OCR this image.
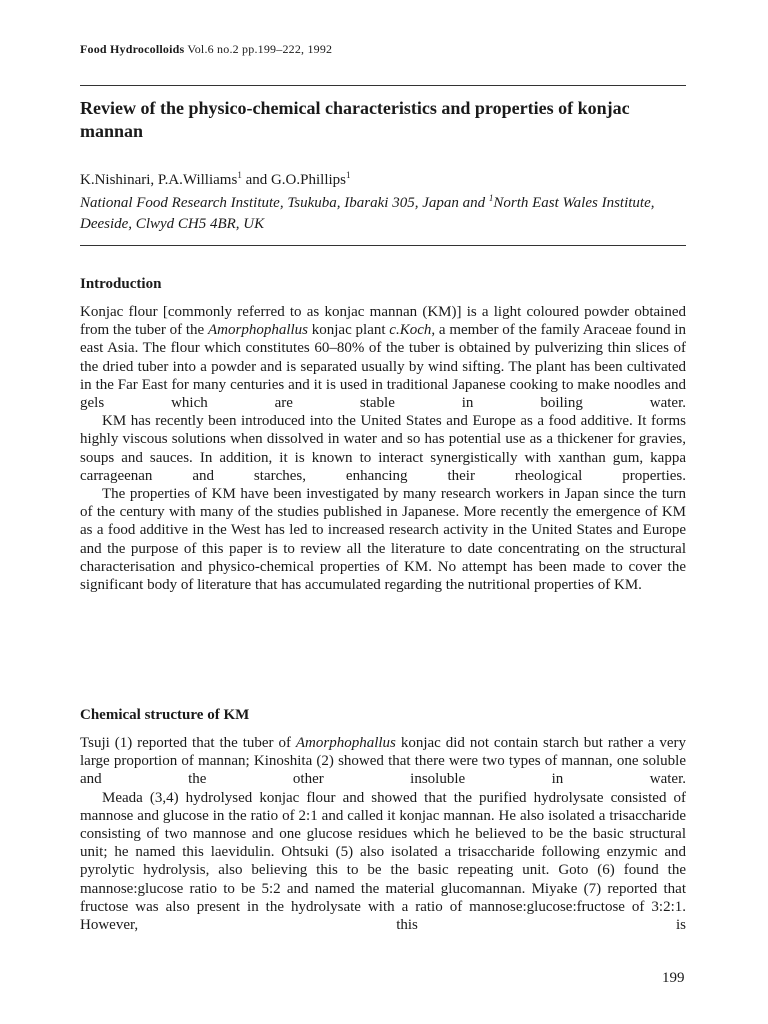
Food Hydrocolloids Vol.6 no.2 pp.199–222, 1992
Review of the physico-chemical characteristics and properties of konjac mannan
K.Nishinari, P.A.Williams$^1$ and G.O.Phillips$^1$
National Food Research Institute, Tsukuba, Ibaraki 305, Japan and $^1$North East Wales Institute, Deeside, Clwyd CH5 4BR, UK
Introduction

Konjac flour [commonly referred to as konjac mannan (KM)] is a light coloured powder obtained from the tuber of the Amorphophallus konjac plant c.Koch, a member of the family Araceae found in east Asia. The flour which constitutes 60–80% of the tuber is obtained by pulverizing thin slices of the dried tuber into a powder and is separated usually by wind sifting. The plant has been cultivated in the Far East for many centuries and it is used in traditional Japanese cooking to make noodles and gels which are stable in boiling water.

KM has recently been introduced into the United States and Europe as a food additive. It forms highly viscous solutions when dissolved in water and so has potential use as a thickener for gravies, soups and sauces. In addition, it is known to interact synergistically with xanthan gum, kappa carrageenan and starches, enhancing their rheological properties.

The properties of KM have been investigated by many research workers in Japan since the turn of the century with many of the studies published in Japanese. More recently the emergence of KM as a food additive in the West has led to increased research activity in the United States and Europe and the purpose of this paper is to review all the literature to date concentrating on the structural characterisation and physico-chemical properties of KM. No attempt has been made to cover the significant body of literature that has accumulated regarding the nutritional properties of KM.

Chemical structure of KM

Tsuji (1) reported that the tuber of Amorphophallus konjac did not contain starch but rather a very large proportion of mannan; Kinoshita (2) showed that there were two types of mannan, one soluble and the other insoluble in water.

Meada (3,4) hydrolysed konjac flour and showed that the purified hydrolysate consisted of mannose and glucose in the ratio of 2:1 and called it konjac mannan. He also isolated a trisaccharide consisting of two mannose and one glucose residues which he believed to be the basic structural unit; he named this laevidulin. Ohtsuki (5) also isolated a trisaccharide following enzymic and pyrolytic hydrolysis, also believing this to be the basic repeating unit. Goto (6) found the mannose:glucose ratio to be 5:2 and named the material glucomannan. Miyake (7) reported that fructose was also present in the hydrolysate with a ratio of mannose:glucose:fructose of 3:2:1. However, this is

199
